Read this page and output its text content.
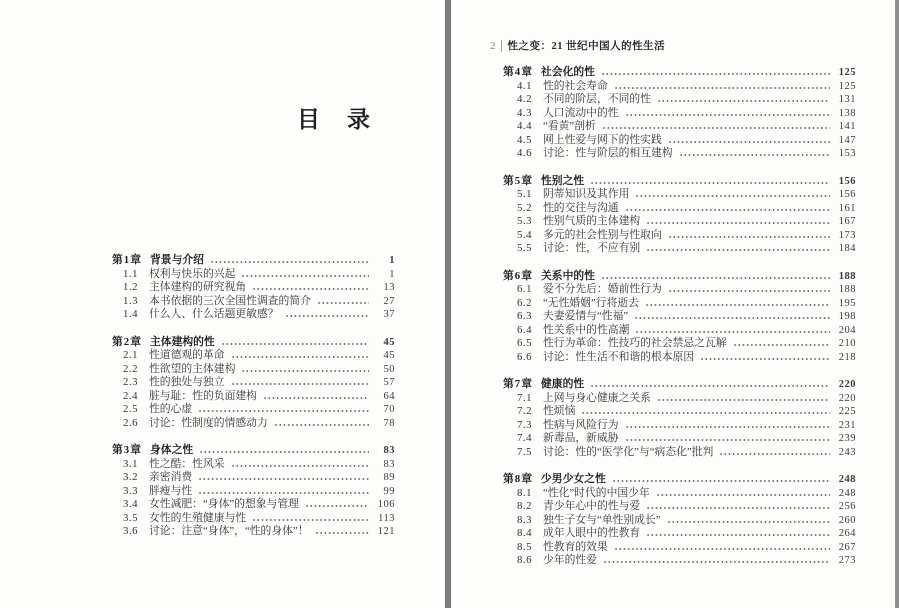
目　录
第1章 背景与介绍	1
1.1	权利与快乐的兴起	1
1.2	主体建构的研究视角	13
1.3	本书依据的三次全国性调查的简介	27
1.4	什么人、什么话题更敏感？	37
第2章 主体建构的性	45
2.1	性道德观的革命	45
2.2	性欲望的主体建构	50
2.3	性的独处与独立	57
2.4	脏与耻：性的负面建构	64
2.5	性的心虚	70
2.6	讨论：性制度的情感动力	78
第3章 身体之性	83
3.1	性之酷：性风采	83
3.2	亲密消费	89
3.3	胖瘦与性	99
3.4	女性减肥：“身体”的想象与管理	106
3.5	女性的生殖健康与性	113
3.6	讨论：注意“身体”，“性的身体”！	121
2 性之变：21 世纪中国人的性生活
第4章 社会化的性	125
4.1	性的社会寿命	125
4.2	不同的阶层，不同的性	131
4.3	人口流动中的性	138
4.4	“看黄”剖析	141
4.5	网上性爱与网下的性实践	147
4.6	讨论：性与阶层的相互建构	153
第5章 性别之性	156
5.1	阴蒂知识及其作用	156
5.2	性的交往与沟通	161
5.3	性别气质的主体建构	167
5.4	多元的社会性别与性取向	173
5.5	讨论：性，不应有别	184
第6章 关系中的性	188
6.1	爱不分先后：婚前性行为	188
6.2	“无性婚姻”行将逝去	195
6.3	夫妻爱情与“性福”	198
6.4	性关系中的性高潮	204
6.5	性行为革命：性技巧的社会禁忌之瓦解	210
6.6	讨论：性生活不和谐的根本原因	218
第7章 健康的性	220
7.1	上网与身心健康之关系	220
7.2	性烦恼	225
7.3	性病与风险行为	231
7.4	新毒品，新威胁	239
7.5	讨论：性的“医学化”与“病态化”批判	243
第8章 少男少女之性	248
8.1	“性化”时代的中国少年	248
8.2	青少年心中的性与爱	256
8.3	独生子女与“单性别成长”	260
8.4	成年人眼中的性教育	264
8.5	性教育的效果	267
8.6	少年的性爱	273
